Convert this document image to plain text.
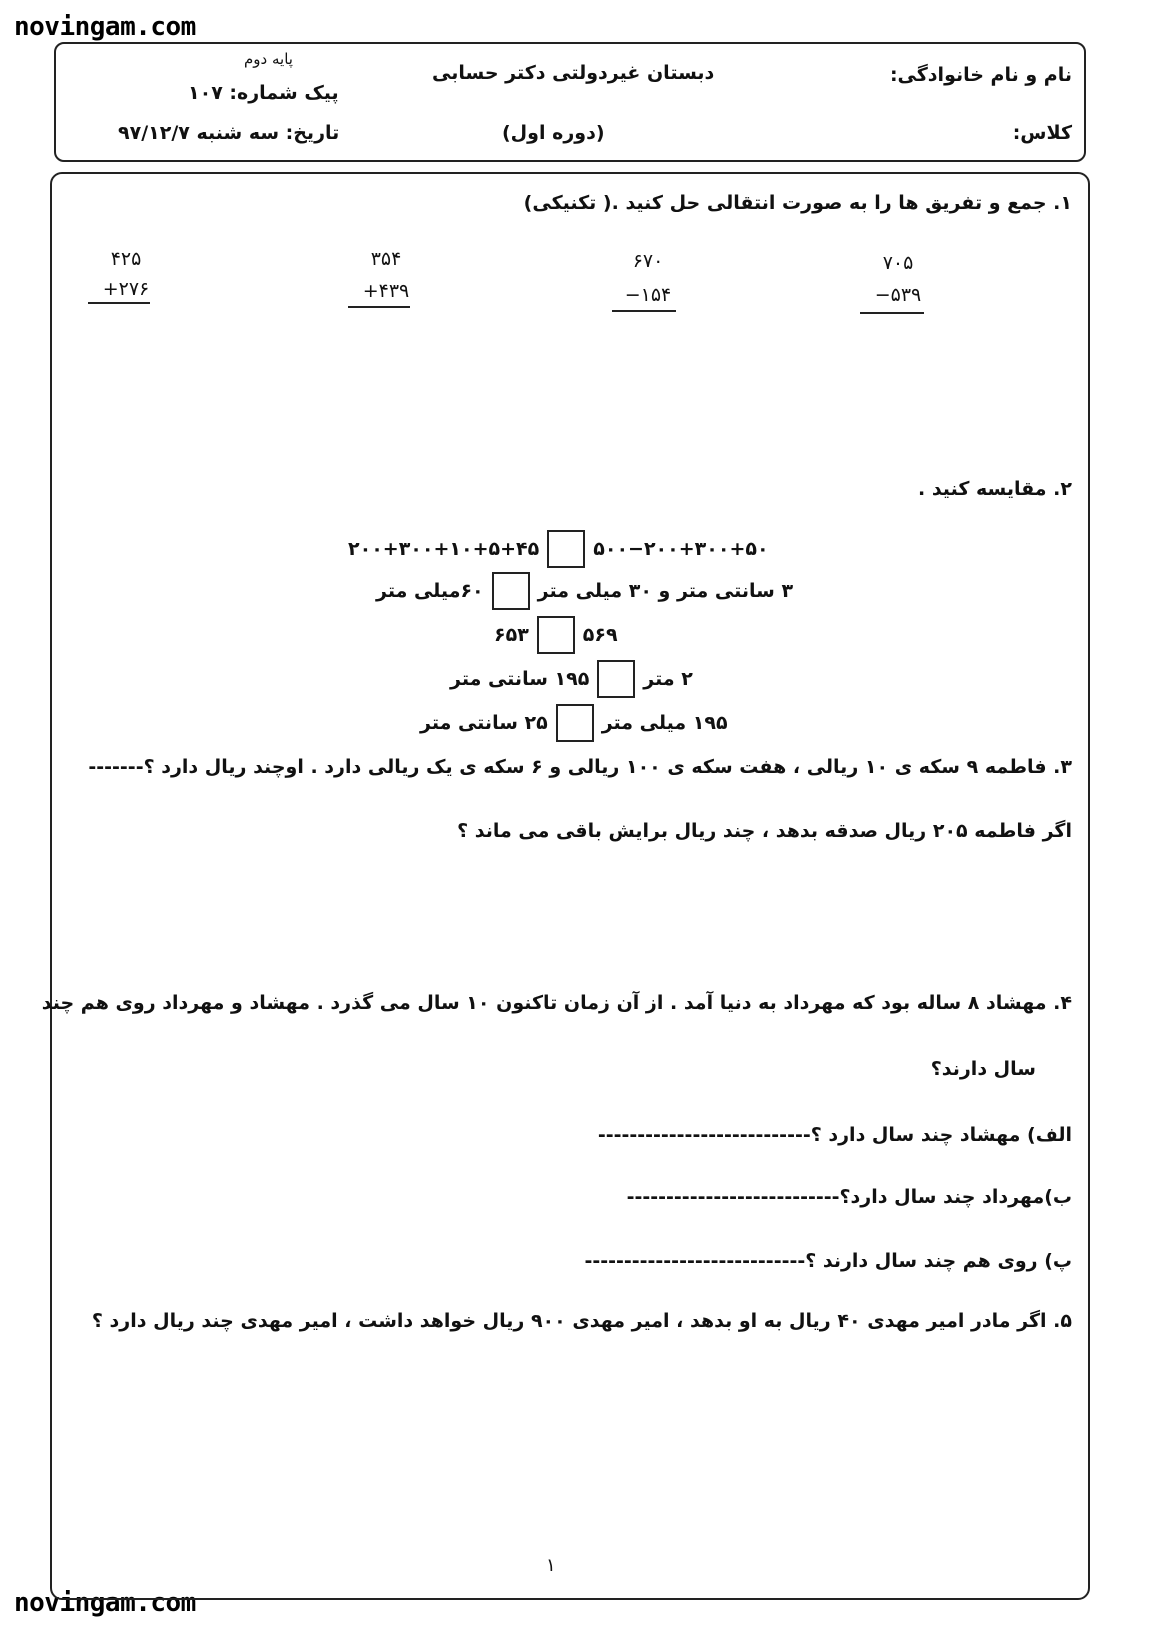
novingam.com
novingam.com
پایه دوم
پیک شماره: ۱۰۷
تاریخ: سه شنبه ۹۷/۱۲/۷
دبستان غیردولتی دکتر حسابی
(دوره اول)
نام و نام خانوادگی:
کلاس:
۱. جمع و تفریق ها را به صورت انتقالی حل کنید .( تکنیکی)
۷۰۵
−۵۳۹
۶۷۰
−۱۵۴
۳۵۴
+۴۳۹
۴۲۵
+۲۷۶
۲. مقایسه کنید .
۵۰۰−۲۰۰+۳۰۰+۵۰
۲۰۰+۳۰۰+۱۰+۵+۴۵
۳ سانتی متر و ۳۰ میلی متر
۶۰میلی متر
۵۶۹
۶۵۳
۲ متر
۱۹۵ سانتی متر
۱۹۵ میلی متر
۲۵ سانتی متر
۳. فاطمه ۹ سکه ی ۱۰ ریالی ، هفت سکه ی ۱۰۰ ریالی و ۶ سکه ی یک ریالی دارد . اوچند ریال دارد ؟-------
اگر فاطمه ۲۰۵ ریال صدقه بدهد ، چند ریال برایش باقی می ماند ؟
۴. مهشاد ۸ ساله بود که مهرداد به دنیا آمد . از آن زمان تاکنون ۱۰ سال می گذرد . مهشاد و مهرداد روی هم چند
سال دارند؟
الف) مهشاد چند سال دارد ؟---------------------------
ب)مهرداد چند سال دارد؟---------------------------
پ) روی هم چند سال دارند ؟----------------------------
۵. اگر مادر امیر مهدی ۴۰ ریال به او بدهد ، امیر مهدی ۹۰۰ ریال خواهد داشت ، امیر مهدی چند ریال دارد ؟
۱
